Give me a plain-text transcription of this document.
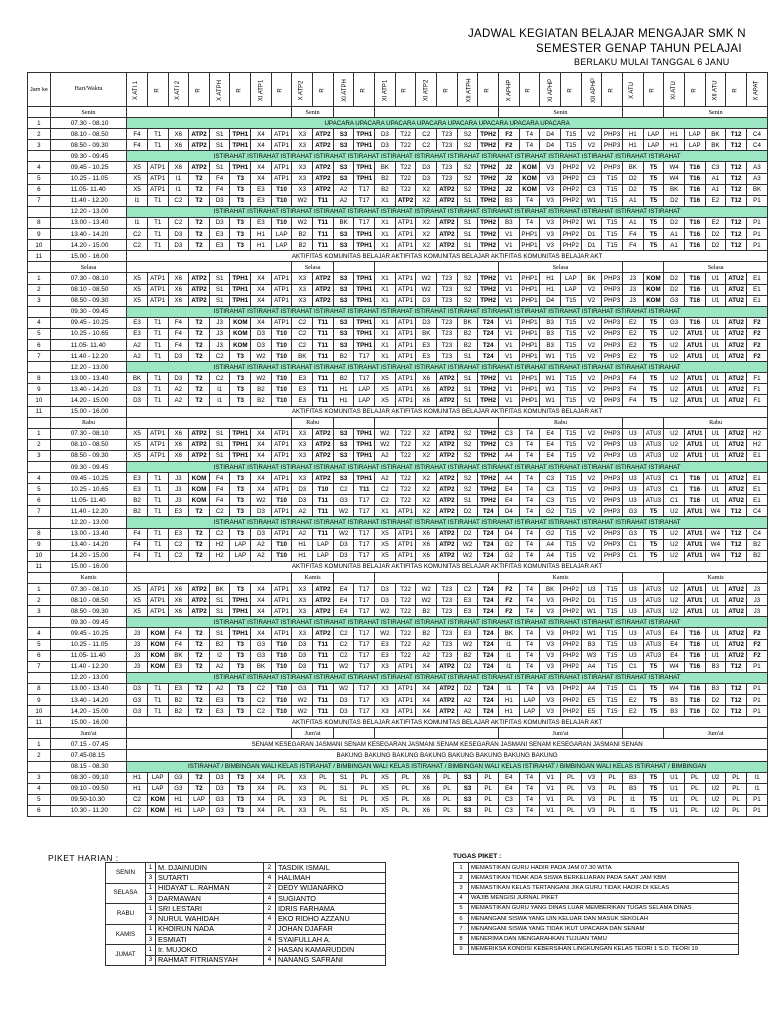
JADWAL KEGIATAN BELAJAR MENGAJAR SMK N
SEMESTER GENAP TAHUN PELAJAI
BERLAKU MULAI TANGGAL 6 JANU
Jam ke	Hari/Waktu	X ATI 1	R	X ATI 2	R	X ATPH	R	XI ATP1	R	X ATP2	R	XI ATPH	R	XI ATP1	R	XI ATP2	R	XII ATPH	R	X APHP	R	XI APHP	R	XII APHP	R	X ATU	R	XI ATU	R	XII ATU	R	X APAT
	Senin									Senin										Senin								Senin				
1	07.30 - 08.10	UPACARA UPACARA UPACARA UPACARA UPACARA UPACARA UPACARA UPACARA																														
2	08.10 - 08.50	F4	T1	X6	ATP2	S1	TPH1	X4	ATP1	X3	ATP2	S3	TPH1	D3	T22	C2	T23	S2	TPH2	F2	T4	D4	T15	V2	PHP3	H1	LAP	H1	LAP	BK	T12	C4
3	08.50 - 09.30	F4	T1	X6	ATP2	S1	TPH1	X4	ATP1	X3	ATP2	S3	TPH1	D3	T22	C2	T23	S2	TPH2	F2	T4	D4	T15	V2	PHP3	H1	LAP	H1	LAP	BK	T12	C4
	09.30 - 09.45	ISTIRAHAT ISTIRAHAT ISTIRAHAT ISTIRAHAT ISTIRAHAT ISTIRAHAT ISTIRAHAT ISTIRAHAT ISTIRAHAT ISTIRAHAT ISTIRAHAT ISTIRAHAT ISTIRAHAT ISTIRAHAT																														
4	09.45 - 10.25	X5	ATP1	X6	ATP2	S1	TPH1	X4	ATP1	X3	ATP2	S3	TPH1	BK	T22	D3	T23	S2	TPH2	J2	KOM	V3	PHP2	V2	PHP3	BK	T5	W4	T16	C3	T12	A3
5	10.25 - 11.05	X5	ATP1	I1	T2	F4	T3	X4	ATP1	X3	ATP2	S3	TPH1	B2	T22	D3	T23	S2	TPH2	J2	KOM	V3	PHP2	C3	T15	D2	T5	W4	T16	A1	T12	A3
6	11.05- 11.40	X5	ATP1	I1	T2	F4	T3	E3	T10	X3	ATP2	A2	T17	B2	T22	X2	ATP2	S2	TPH2	J2	KOM	V3	PHP2	C3	T15	D2	T5	BK	T16	A1	T12	BK
7	11.40 - 12.20	I1	T1	C2	T2	D3	T3	E3	T10	W2	T11	A2	T17	X1	ATP2	X2	ATP2	S1	TPH2	B3	T4	V3	PHP2	W1	T15	A1	T5	D2	T16	E2	T12	P1
	12.20 - 13.00	ISTIRAHAT ISTIRAHAT ISTIRAHAT ISTIRAHAT ISTIRAHAT ISTIRAHAT ISTIRAHAT ISTIRAHAT ISTIRAHAT ISTIRAHAT ISTIRAHAT ISTIRAHAT ISTIRAHAT ISTIRAHAT																														
8	13.00 - 13.40	I1	T1	C2	T2	D3	T3	E3	T10	W2	T11	BK	T17	X1	ATP1	X2	ATP2	S1	TPH2	B3	T4	V3	PHP2	W1	T15	A1	T5	D2	T16	E2	T12	P1
9	13.40 - 14.20	C2	T1	D3	T2	E3	T3	H1	LAP	B2	T11	S3	TPH1	X1	ATP1	X2	ATP2	S1	TPH2	V1	PHP1	V3	PHP2	D1	T15	F4	T5	A1	T16	D2	T12	P1
10	14.20 - 15.00	C2	T1	D3	T2	E3	T3	H1	LAP	B2	T11	S3	TPH1	X1	ATP1	X2	ATP2	S1	TPH2	V1	PHP1	V3	PHP2	D1	T15	F4	T5	A1	T16	D2	T12	P1
11	15.00 - 16.00	AKTIFITAS KOMUNITAS BELAJAR AKTIFITAS KOMUNITAS BELAJAR AKTIFITAS KOMUNITAS BELAJAR AKT																														
	Selasa									Selasa										Selasa								Selasa				
1	07.30 - 08.10	X5	ATP1	X6	ATP2	S1	TPH1	X4	ATP1	X3	ATP2	S3	TPH1	X1	ATP1	W2	T23	S2	TPH2	V1	PHP1	H1	LAP	BK	PHP3	J3	KOM	D2	T16	U1	ATU2	E1
2	08.10 - 08.50	X5	ATP1	X6	ATP2	S1	TPH1	X4	ATP1	X3	ATP2	S3	TPH1	X1	ATP1	W2	T23	S2	TPH2	V1	PHP1	H1	LAP	V2	PHP3	J3	KOM	D2	T16	U1	ATU2	E1
3	08.50 - 09.30	X5	ATP1	X6	ATP2	S1	TPH1	X4	ATP1	X3	ATP2	S3	TPH1	X1	ATP1	D3	T23	S2	TPH2	V1	PHP1	D4	T15	V2	PHP3	J3	KOM	G3	T16	U1	ATU2	E1
	09.30 - 09.45	ISTIRAHAT ISTIRAHAT ISTIRAHAT ISTIRAHAT ISTIRAHAT ISTIRAHAT ISTIRAHAT ISTIRAHAT ISTIRAHAT ISTIRAHAT ISTIRAHAT ISTIRAHAT ISTIRAHAT ISTIRAHAT																														
4	09.45 - 10.25	E3	T1	F4	T2	J3	KOM	X4	ATP1	C2	T11	S3	TPH1	X1	ATP1	D3	T23	BK	T24	V1	PHP1	B3	T15	V2	PHP3	E2	T5	G3	T16	U1	ATU2	F2
5	10.25 - 10.65	E3	T1	F4	T2	J3	KOM	D3	T10	C2	T11	S3	TPH1	X1	ATP1	BK	T23	B2	T24	V1	PHP1	B3	T15	V2	PHP3	E2	T5	U2	ATU1	U1	ATU2	F2
6	11.05- 11.40	A2	T1	F4	T2	J3	KOM	D3	T10	C2	T11	S3	TPH1	X1	ATP1	E3	T23	B2	T24	V1	PHP1	B3	T15	V2	PHP3	E2	T5	U2	ATU1	U1	ATU2	F2
7	11.40 - 12.20	A2	T1	D3	T2	C2	T3	W2	T10	BK	T11	B2	T17	X1	ATP1	E3	T23	S1	T24	V1	PHP1	W1	T15	V2	PHP3	E2	T5	U2	ATU1	U1	ATU2	F2
	12.20 - 13.00	ISTIRAHAT ISTIRAHAT ISTIRAHAT ISTIRAHAT ISTIRAHAT ISTIRAHAT ISTIRAHAT ISTIRAHAT ISTIRAHAT ISTIRAHAT ISTIRAHAT ISTIRAHAT ISTIRAHAT ISTIRAHAT																														
8	13.00 - 13.40	BK	T1	D3	T2	C2	T3	W2	T10	E3	T11	B2	T17	X5	ATP1	X6	ATP2	S1	TPH2	V1	PHP1	W1	T15	V2	PHP3	F4	T5	U2	ATU1	U1	ATU2	F1
9	13.40 - 14.20	D3	T1	A2	T2	I1	T3	B2	T10	E3	T11	H1	LAP	X5	ATP1	X6	ATP2	S1	TPH2	V1	PHP1	W1	T15	V2	PHP3	F4	T5	U2	ATU1	U1	ATU2	F1
10	14.20 - 15.00	D3	T1	A2	T2	I1	T3	B2	T10	E3	T11	H1	LAP	X5	ATP1	X6	ATP2	S1	TPH2	V1	PHP1	W1	T15	V2	PHP3	F4	T5	U2	ATU1	U1	ATU2	F1
11	15.00 - 16.00	AKTIFITAS KOMUNITAS BELAJAR AKTIFITAS KOMUNITAS BELAJAR AKTIFITAS KOMUNITAS BELAJAR AKT																														
	Rabu									Rabu										Rabu								Rabu				
1	07.30 - 08.10	X5	ATP1	X6	ATP2	S1	TPH1	X4	ATP1	X3	ATP2	S3	TPH1	W2	T22	X2	ATP2	S2	TPH2	C3	T4	E4	T15	V2	PHP3	U3	ATU3	U2	ATU1	U1	ATU2	H2
2	08.10 - 08.50	X5	ATP1	X6	ATP2	S1	TPH1	X4	ATP1	X3	ATP2	S3	TPH1	W2	T22	X2	ATP2	S2	TPH2	C3	T4	E4	T15	V2	PHP3	U3	ATU3	U2	ATU1	U1	ATU2	H2
3	08.50 - 09.30	X5	ATP1	X6	ATP2	S1	TPH1	X4	ATP1	X3	ATP2	S3	TPH1	A2	T22	X2	ATP2	S2	TPH2	A4	T4	E4	T15	V2	PHP3	U3	ATU3	U2	ATU1	U1	ATU2	E1
	09.30 - 09.45	ISTIRAHAT ISTIRAHAT ISTIRAHAT ISTIRAHAT ISTIRAHAT ISTIRAHAT ISTIRAHAT ISTIRAHAT ISTIRAHAT ISTIRAHAT ISTIRAHAT ISTIRAHAT ISTIRAHAT ISTIRAHAT																														
4	09.45 - 10.25	E3	T1	J3	KOM	F4	T3	X4	ATP1	X3	ATP2	S3	TPH1	A2	T22	X2	ATP2	S2	TPH2	A4	T4	C3	T15	V2	PHP3	U3	ATU3	C1	T16	U1	ATU2	E1
5	10.25 - 10.65	E3	T1	J3	KOM	F4	T3	X4	ATP1	D3	T10	C2	T11	C2	T22	X2	ATP2	S2	TPH2	E4	T4	C3	T15	V2	PHP3	U3	ATU3	C1	T16	U1	ATU2	E1
6	11.05- 11.40	B2	T1	J3	KOM	F4	T3	W2	T10	D3	T11	G3	T17	C2	T22	X2	ATP2	S1	TPH2	E4	T4	C3	T15	V2	PHP3	U3	ATU3	C1	T16	U1	ATU2	E1
7	11.40 - 12.20	B2	T1	E3	T2	C2	T3	D3	ATP1	A2	T11	W2	T17	X1	ATP1	X2	ATP2	D2	T24	D4	T4	G2	T15	V2	PHP3	G3	T5	U2	ATU1	W4	T12	C4
	12.20 - 13.00	ISTIRAHAT ISTIRAHAT ISTIRAHAT ISTIRAHAT ISTIRAHAT ISTIRAHAT ISTIRAHAT ISTIRAHAT ISTIRAHAT ISTIRAHAT ISTIRAHAT ISTIRAHAT ISTIRAHAT ISTIRAHAT																														
8	13.00 - 13.40	F4	T1	E3	T2	C2	T3	D3	ATP1	A2	T11	W2	T17	X5	ATP1	X6	ATP2	D2	T24	D4	T4	G2	T15	V2	PHP3	G3	T5	U2	ATU1	W4	T12	C4
9	13.40 - 14.20	F4	T1	C2	T2	H2	LAP	A2	T10	H1	LAP	D3	T17	X5	ATP1	X6	ATP2	W2	T24	G2	T4	A4	T15	V2	PHP3	C1	T5	U2	ATU1	W4	T12	B2
10	14.20 - 15.00	F4	T1	C2	T2	H2	LAP	A2	T10	H1	LAP	D3	T17	X5	ATP1	X6	ATP2	W2	T24	G2	T4	A4	T15	V2	PHP3	C1	T5	U2	ATU1	W4	T12	B2
11	15.00 - 16.00	AKTIFITAS KOMUNITAS BELAJAR AKTIFITAS KOMUNITAS BELAJAR AKTIFITAS KOMUNITAS BELAJAR AKT																														
	Kamis									Kamis										Kamis								Kamis				
1	07.30 - 08.10	X5	ATP1	X6	ATP2	BK	T3	X4	ATP1	X3	ATP2	E4	T17	D3	T22	W2	T23	C2	T24	F2	T4	BK	PHP2	U3	T15	U3	ATU3	U2	ATU1	U1	ATU2	J3
2	08.10 - 08.50	X5	ATP1	X6	ATP2	S1	TPH1	X4	ATP1	X3	ATP2	E4	T17	D3	T22	W2	T23	E3	T24	F2	T4	V3	PHP2	D1	T15	U3	ATU3	U2	ATU1	U1	ATU2	J3
3	08.50 - 09.30	X5	ATP1	X6	ATP2	S1	TPH1	X4	ATP1	X3	ATP2	E4	T17	W2	T22	B2	T23	E3	T24	F2	T4	V3	PHP2	W1	T15	U3	ATU3	U2	ATU1	U1	ATU2	J3
	09.30 - 09.45	ISTIRAHAT ISTIRAHAT ISTIRAHAT ISTIRAHAT ISTIRAHAT ISTIRAHAT ISTIRAHAT ISTIRAHAT ISTIRAHAT ISTIRAHAT ISTIRAHAT ISTIRAHAT ISTIRAHAT ISTIRAHAT																														
4	09.45 - 10.25	J3	KOM	F4	T2	S1	TPH1	X4	ATP1	X3	ATP2	C2	T17	W2	T22	B2	T23	E3	T24	BK	T4	V3	PHP2	W1	T15	U3	ATU3	E4	T16	U1	ATU2	F2
5	10.25 - 11.05	J3	KOM	F4	T2	B2	T3	G3	T10	D3	T11	C2	T17	E3	T22	A2	T23	W2	T24	I1	T4	V3	PHP2	B3	T15	U3	ATU3	E4	T16	U1	ATU2	F2
6	11.05- 11.40	J3	KOM	BK	T2	I2	T3	G3	T10	D3	T11	C2	T17	E3	T22	A2	T23	B2	T24	I1	T4	V3	PHP2	W3	T15	U3	ATU3	E4	T16	U1	ATU2	F2
7	11.40 - 12.20	J3	KOM	E3	T2	A2	T3	BK	T10	D3	T11	W2	T17	X3	ATP1	X4	ATP2	D2	T24	I1	T4	V3	PHP2	A4	T15	C1	T5	W4	T16	B3	T12	P1
	12.20 - 13.00	ISTIRAHAT ISTIRAHAT ISTIRAHAT ISTIRAHAT ISTIRAHAT ISTIRAHAT ISTIRAHAT ISTIRAHAT ISTIRAHAT ISTIRAHAT ISTIRAHAT ISTIRAHAT ISTIRAHAT ISTIRAHAT																														
8	13.00 - 13.40	D3	T1	E3	T2	A2	T3	C2	T10	G3	T11	W2	T17	X3	ATP1	X4	ATP2	D2	T24	I1	T4	V3	PHP2	A4	T15	C1	T5	W4	T16	B3	T12	P1
9	13.40 - 14.20	G3	T1	B2	T2	E3	T3	C2	T10	W2	T11	D3	T17	X3	ATP1	X4	ATP2	A2	T24	H1	LAP	V3	PHP2	E5	T15	E2	T5	B3	T16	D2	T12	P1
10	14.20 - 15.00	G3	T1	B2	T2	E3	T3	C2	T10	W2	T11	D3	T17	X3	ATP1	X4	ATP2	A2	T24	H1	LAP	V3	PHP2	E5	T15	E2	T5	B3	T16	D2	T12	P1
11	15.00 - 16.00	AKTIFITAS KOMUNITAS BELAJAR AKTIFITAS KOMUNITAS BELAJAR AKTIFITAS KOMUNITAS BELAJAR AKT																														
	Jum'at									Jum'at										Jum'at								Jum'at				
1	07.15 - 07.45	SENAM KESEGARAN JASMANI SENAM KESEGARAN JASMANI SENAM KESEGARAN JASMANI SENAM KESEGARAN JASMANI SENAN																														
2	07.45-08.15	BAKUNG BAKUNG BAKUNG BAKUNG BAKUNG BAKUNG BAKUNG BAKUNG																														
	08.15 - 08.30	ISTIRAHAT / BIMBINGAN WALI KELAS ISTIRAHAT / BIMBINGAN WALI KELAS ISTIRAHAT / BIMBINGAN WALI KELAS ISTIRAHAT / BIMBINGAN WALI KELAS ISTIRAHAT / BIMBINGAN																														
3	08.30 - 09.10	H1	LAP	G3	T2	D3	T3	X4	PL	X3	PL	S1	PL	X5	PL	X6	PL	S3	PL	E4	T4	V1	PL	V3	PL	B3	T5	U1	PL	U2	PL	I1
4	09.10 - 09.50	H1	LAP	G3	T2	D3	T3	X4	PL	X3	PL	S1	PL	X5	PL	X6	PL	S3	PL	E4	T4	V1	PL	V3	PL	B3	T5	U1	PL	U2	PL	I1
5	09.50-10.30	C2	KOM	H1	LAP	G3	T3	X4	PL	X3	PL	S1	PL	X5	PL	X6	PL	S3	PL	C3	T4	V1	PL	V3	PL	I1	T5	U1	PL	U2	PL	P1
6	10.30 - 11.20	C2	KOM	H1	LAP	G3	T3	X4	PL	X3	PL	S1	PL	X5	PL	X6	PL	S3	PL	C3	T4	V1	PL	V3	PL	I1	T5	U1	PL	U2	PL	P1
PIKET HARIAN :
SENIN	1	M. DJAINUDIN	2	TASDIK ISMAIL
	3	SUTARTI	4	HALIMAH
SELASA	1	HIDAYAT L. RAHMAN	2	DEDY WIJANARKO
	3	DARMAWAN	4	SUGIANTO
RABU	1	SRI LESTARI	2	IDRIS FARHAMA
	3	NURUL WAHIDAH	4	EKO RIDHO AZZANU
KAMIS	1	KHOIRUN NADA	2	JOHAN DJAFAR
	3	ESMIATI	4	SYAIFULLAH A.
JUMAT	1	Ir. MUJOKO	2	HASAN KAMARUDDIN
	3	RAHMAT FITRIANSYAH	4	NANANG SAFRANI
TUGAS PIKET :
1	MEMASTIKAN GURU HADIR PADA JAM 07.30 WITA
2	MEMASTIKAN TIDAK ADA SISWA BERKELIARAN PADA SAAT JAM KBM
3	MEMASTIKAN KELAS TERTANGANI JIKA GURU TIDAK HADIR DI KELAS
4	WAJIB MENGISI JURNAL PIKET
5	MEMASTIKAN GURU YANG DINAS LUAR MEMBERIKAN TUGAS SELAMA DINAS
6	MENANGANI SISWA YANG IJIN KELUAR DAN MASUK SEKOLAH
7	MENANGANI SISWA YANG TIDAK IKUT UPACARA DAN SENAM
8	MENERIMA DAN MENGARAHKAN TUJUAN TAMU
9	MEMERIKSA KONDISI KEBERSIHAN LINGKUNGAN KELAS TEORI 1 S.D. TEORI 19
